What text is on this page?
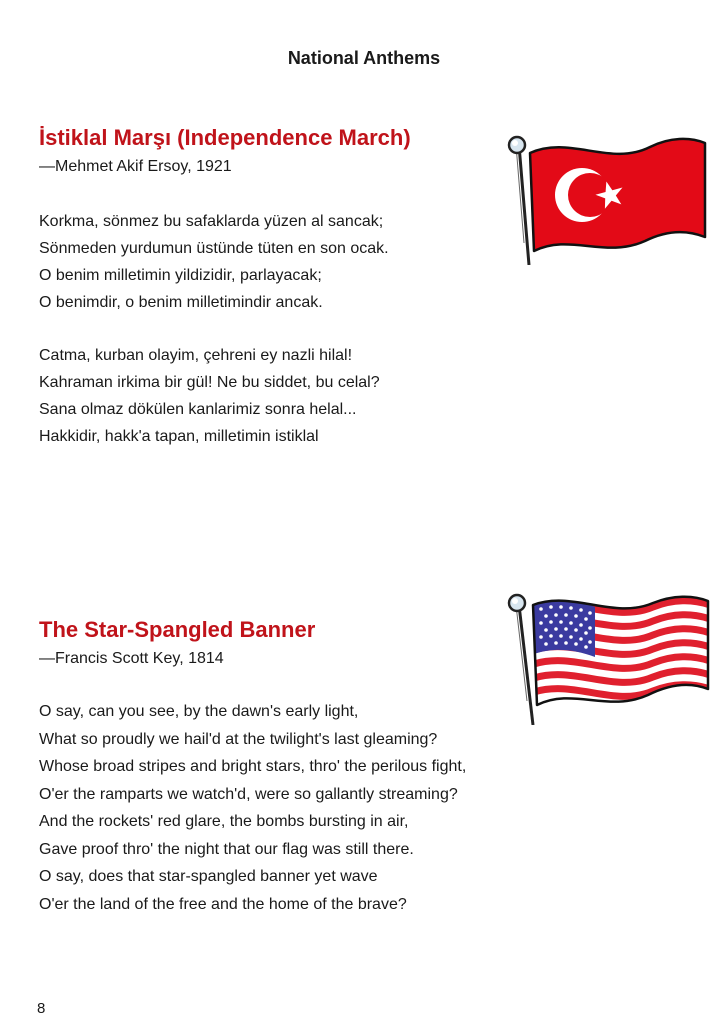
National Anthems
İstiklal Marşı (Independence March)

—Mehmet Akif Ersoy, 1921

Korkma, sönmez bu safaklarda yüzen al sancak;
Sönmeden yurdumun üstünde tüten en son ocak.
O benim milletimin yildizidir, parlayacak;
O benimdir, o benim milletimindir ancak.
Catma, kurban olayim, çehreni ey nazli hilal!
Kahraman irkima bir gül! Ne bu siddet, bu celal?
Sana olmaz dökülen kanlarimiz sonra helal...
Hakkidir, hakk'a tapan, milletimin istiklal
The Star-Spangled Banner

—Francis Scott Key, 1814

O say, can you see, by the dawn's early light,
What so proudly we hail'd at the twilight's last gleaming?
Whose broad stripes and bright stars, thro' the perilous fight,
O'er the ramparts we watch'd, were so gallantly streaming?
And the rockets' red glare, the bombs bursting in air,
Gave proof thro' the night that our flag was still there.
O say, does that star-spangled banner yet wave
O'er the land of the free and the home of the brave?

8
